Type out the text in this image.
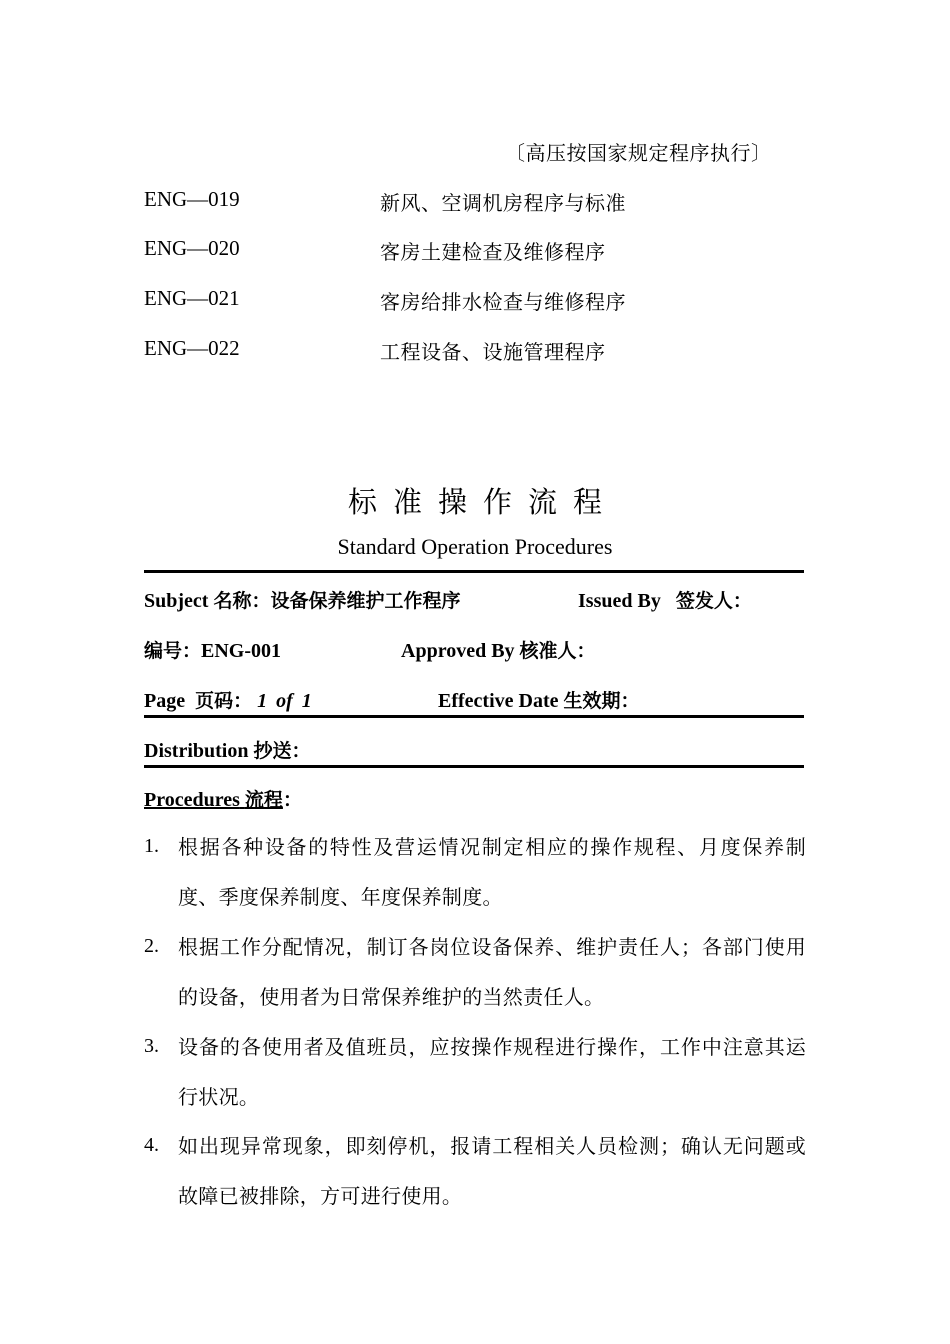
〔高压按国家规定程序执行〕
ENG—019	新风、空调机房程序与标准
ENG—020	客房土建检查及维修程序
ENG—021	客房给排水检查与维修程序
ENG—022	工程设备、设施管理程序
标准操作流程
Standard Operation Procedures
Subject 名称：设备保养维护工作程序	Issued By 签发人：
编号：ENG-001	Approved By 核准人：
Page 页码： 1 of 1	Effective Date 生效期：
Distribution 抄送：
Procedures 流程：
1. 根据各种设备的特性及营运情况制定相应的操作规程、月度保养制度、季度保养制度、年度保养制度。
2. 根据工作分配情况，制订各岗位设备保养、维护责任人；各部门使用的设备，使用者为日常保养维护的当然责任人。
3. 设备的各使用者及值班员，应按操作规程进行操作，工作中注意其运行状况。
4. 如出现异常现象，即刻停机，报请工程相关人员检测；确认无问题或故障已被排除，方可进行使用。
